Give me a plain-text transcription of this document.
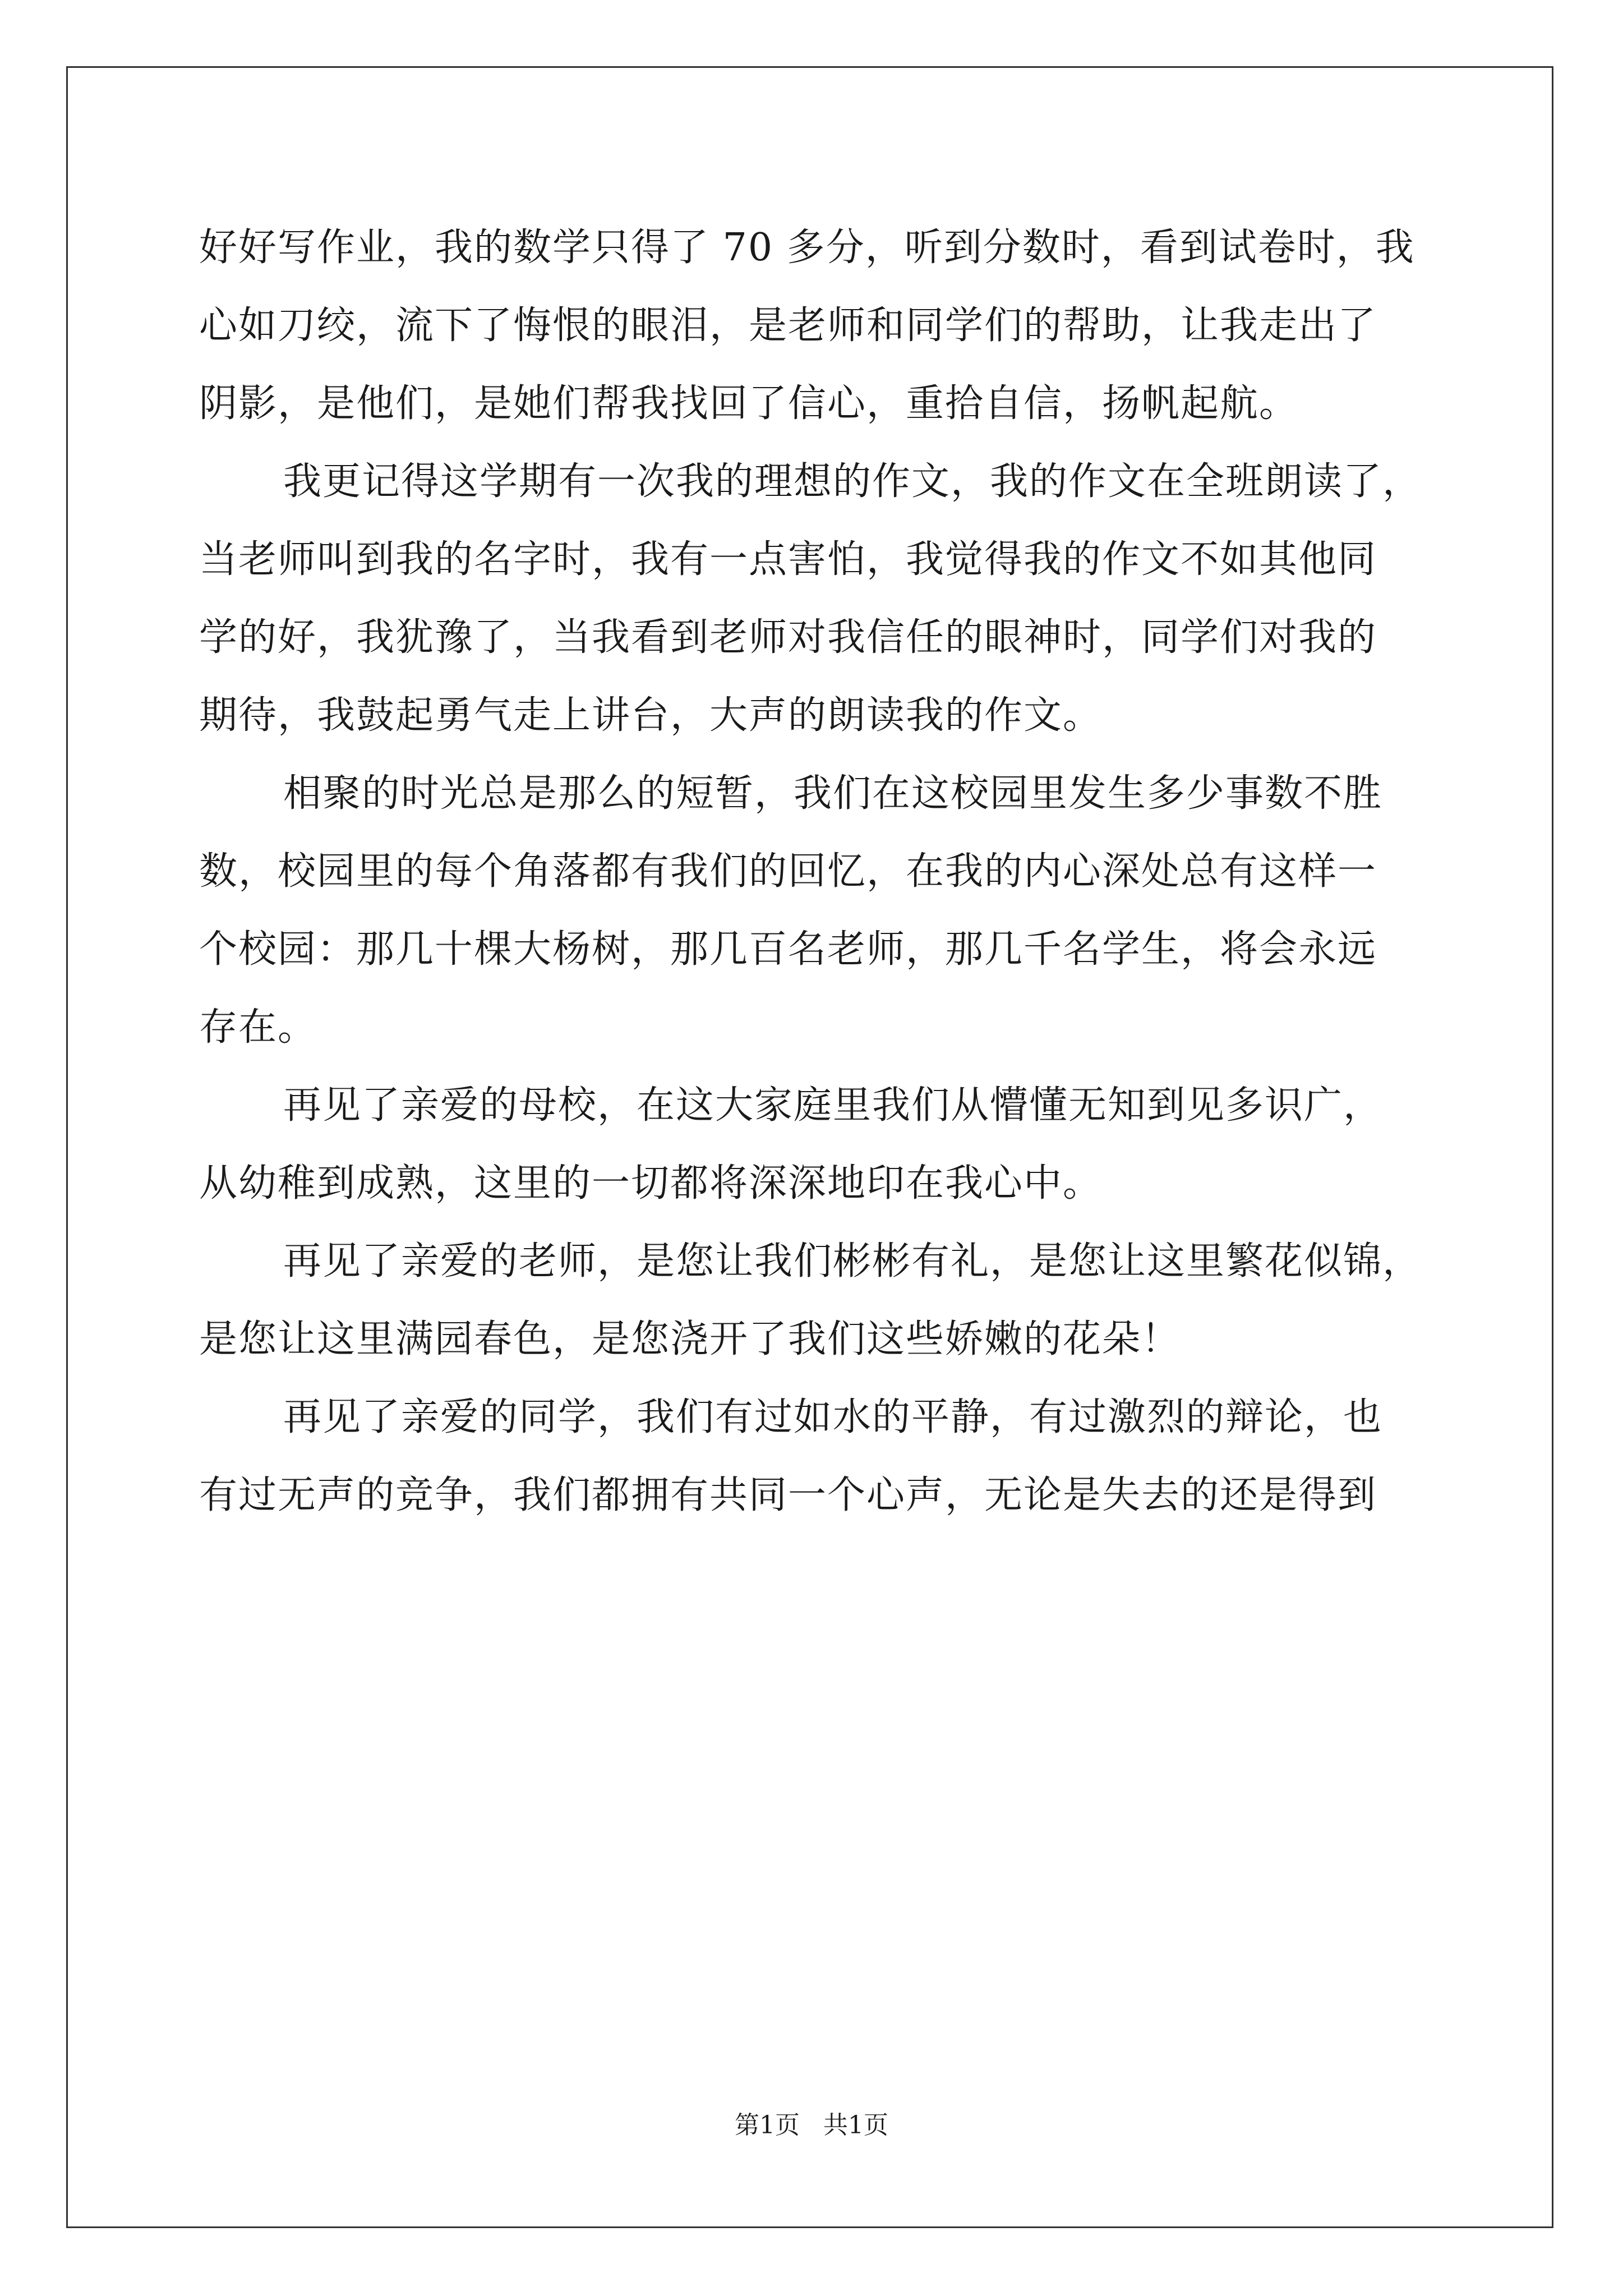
好好写作业，我的数学只得了 70 多分，听到分数时，看到试卷时，我
心如刀绞，流下了悔恨的眼泪，是老师和同学们的帮助，让我走出了
阴影，是他们，是她们帮我找回了信心，重拾自信，扬帆起航。
我更记得这学期有一次我的理想的作文，我的作文在全班朗读了，
当老师叫到我的名字时，我有一点害怕，我觉得我的作文不如其他同
学的好，我犹豫了，当我看到老师对我信任的眼神时，同学们对我的
期待，我鼓起勇气走上讲台，大声的朗读我的作文。
相聚的时光总是那么的短暂，我们在这校园里发生多少事数不胜
数，校园里的每个角落都有我们的回忆，在我的内心深处总有这样一
个校园：那几十棵大杨树，那几百名老师，那几千名学生，将会永远
存在。
再见了亲爱的母校，在这大家庭里我们从懵懂无知到见多识广，
从幼稚到成熟，这里的一切都将深深地印在我心中。
再见了亲爱的老师，是您让我们彬彬有礼，是您让这里繁花似锦，
是您让这里满园春色，是您浇开了我们这些娇嫩的花朵！
再见了亲爱的同学，我们有过如水的平静，有过激烈的辩论，也
有过无声的竞争，我们都拥有共同一个心声，无论是失去的还是得到
第1页   共1页
